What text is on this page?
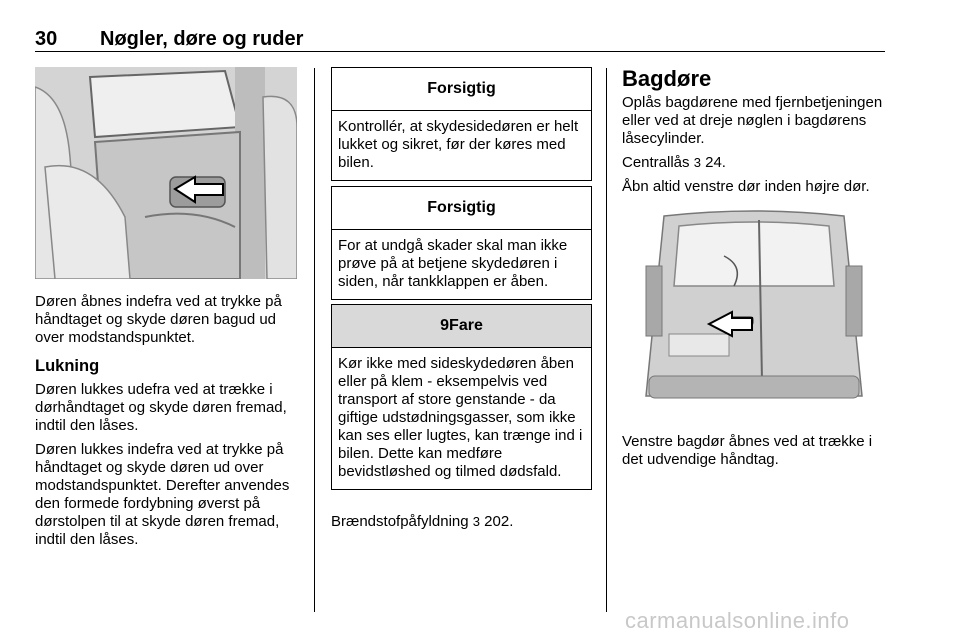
30 Nøgler, døre og ruder

Døren åbnes indefra ved at trykke på håndtaget og skyde døren bagud ud over modstandspunktet.

Lukning

Døren lukkes udefra ved at trække i dørhåndtaget og skyde døren fremad, indtil den låses.

Døren lukkes indefra ved at trykke på håndtaget og skyde døren ud over modstandspunktet. Derefter anvendes den formede fordybning øverst på dørstolpen til at skyde døren fremad, indtil den låses.

Forsigtig
Kontrollér, at skydesidedøren er helt lukket og sikret, før der køres med bilen.
Forsigtig
For at undgå skader skal man ikke prøve på at betjene skydedøren i siden, når tankklappen er åben.
9Fare
Kør ikke med sideskydedøren åben eller på klem - eksempelvis ved transport af store genstande - da giftige udstødningsgasser, som ikke kan ses eller lugtes, kan trænge ind i bilen. Dette kan medføre bevidstløshed og tilmed dødsfald.

Brændstofpåfyldning 3 202.

Bagdøre

Oplås bagdørene med fjernbetjeningen eller ved at dreje nøglen i bagdørens låsecylinder.

Centrallås 3 24.

Åbn altid venstre dør inden højre dør.

Venstre bagdør åbnes ved at trække i det udvendige håndtag.

carmanualsonline.info
